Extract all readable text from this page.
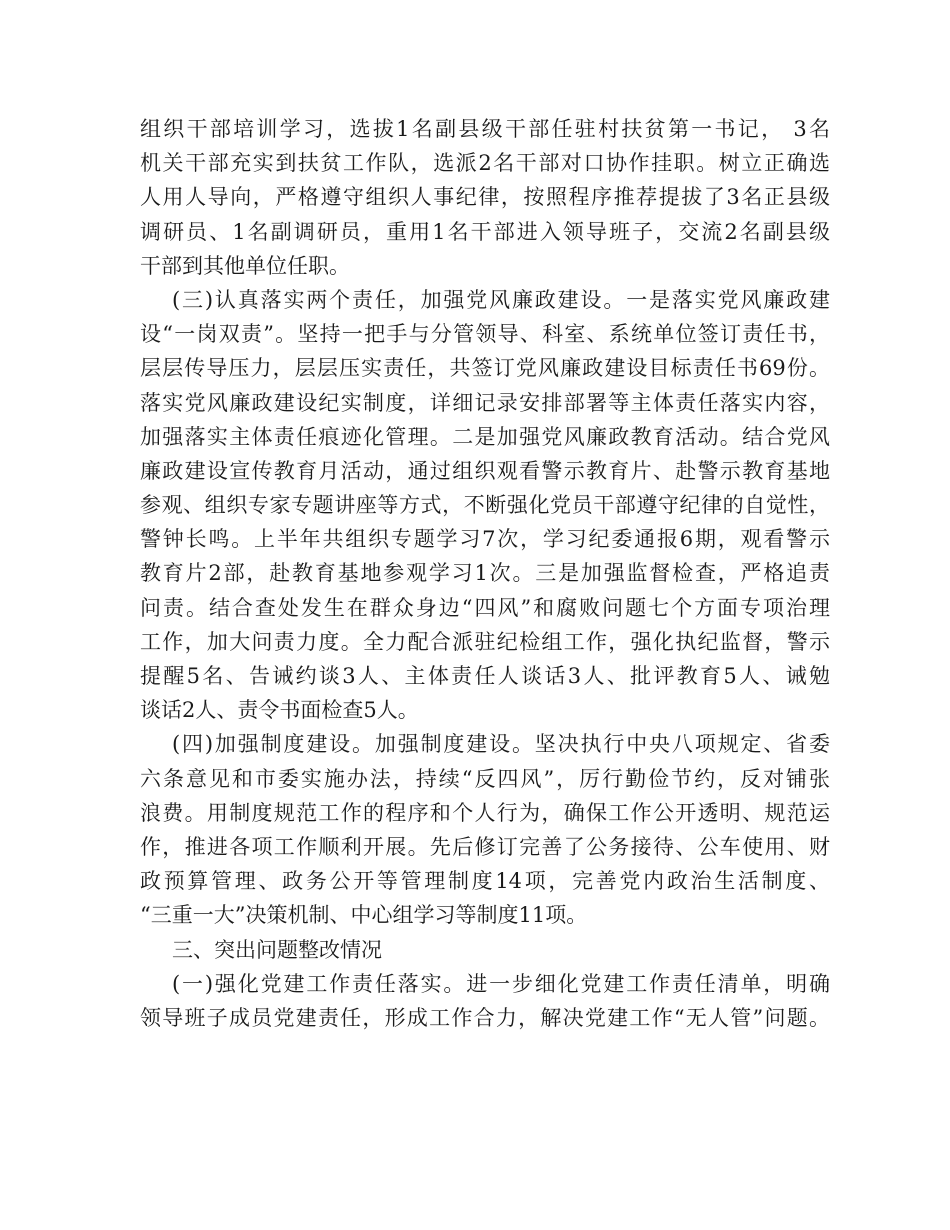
组织干部培训学习，选拔1名副县级干部任驻村扶贫第一书记， 3名
机关干部充实到扶贫工作队，选派2名干部对口协作挂职。树立正确选
人用人导向，严格遵守组织人事纪律，按照程序推荐提拔了3名正县级
调研员、1名副调研员，重用1名干部进入领导班子，交流2名副县级
干部到其他单位任职。
(三)认真落实两个责任，加强党风廉政建设。一是落实党风廉政建
设“一岗双责”。坚持一把手与分管领导、科室、系统单位签订责任书，
层层传导压力，层层压实责任，共签订党风廉政建设目标责任书69份。
落实党风廉政建设纪实制度，详细记录安排部署等主体责任落实内容，
加强落实主体责任痕迹化管理。二是加强党风廉政教育活动。结合党风
廉政建设宣传教育月活动，通过组织观看警示教育片、赴警示教育基地
参观、组织专家专题讲座等方式，不断强化党员干部遵守纪律的自觉性，
警钟长鸣。上半年共组织专题学习7次，学习纪委通报6期，观看警示
教育片2部，赴教育基地参观学习1次。三是加强监督检查，严格追责
问责。结合查处发生在群众身边“四风”和腐败问题七个方面专项治理
工作，加大问责力度。全力配合派驻纪检组工作，强化执纪监督，警示
提醒5名、告诫约谈3人、主体责任人谈话3人、批评教育5人、诫勉
谈话2人、责令书面检查5人。
(四)加强制度建设。加强制度建设。坚决执行中央八项规定、省委
六条意见和市委实施办法，持续“反四风”，厉行勤俭节约，反对铺张
浪费。用制度规范工作的程序和个人行为，确保工作公开透明、规范运
作，推进各项工作顺利开展。先后修订完善了公务接待、公车使用、财
政预算管理、政务公开等管理制度14项，完善党内政治生活制度、
“三重一大”决策机制、中心组学习等制度11项。
三、突出问题整改情况
(一)强化党建工作责任落实。进一步细化党建工作责任清单，明确
领导班子成员党建责任，形成工作合力，解决党建工作“无人管”问题。
